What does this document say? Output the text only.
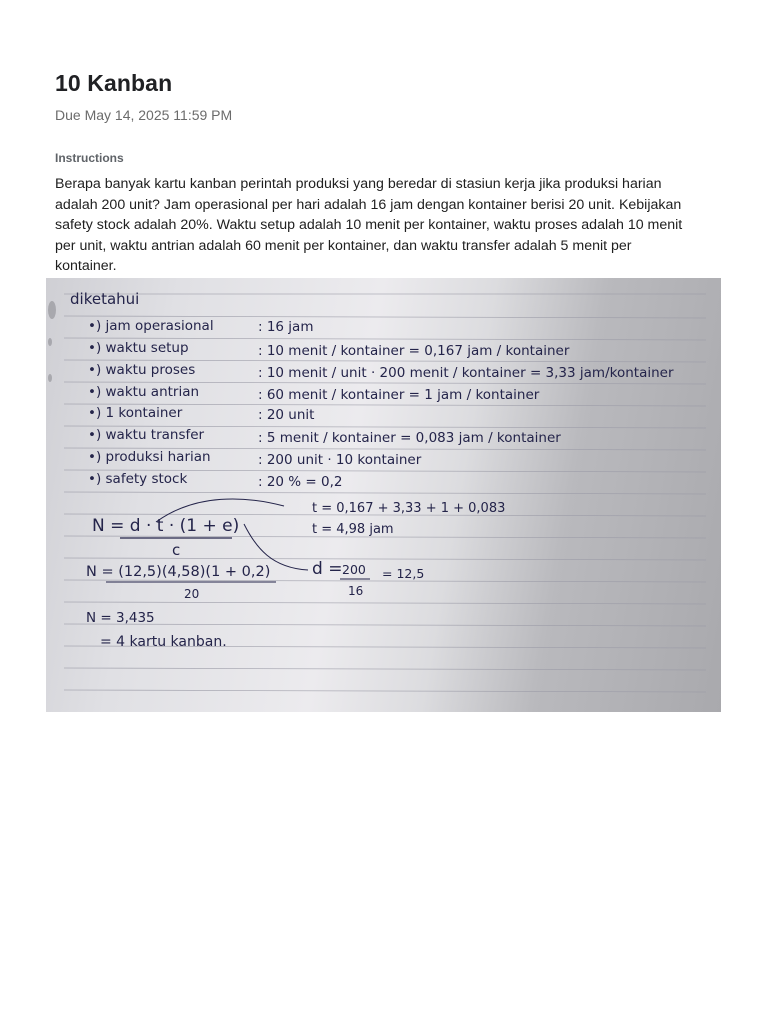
10 Kanban
Due May 14, 2025 11:59 PM
Instructions
Berapa banyak kartu kanban perintah produksi yang beredar di stasiun kerja jika produksi harian
adalah 200 unit? Jam operasional per hari adalah 16 jam dengan kontainer berisi 20 unit. Kebijakan
safety stock adalah 20%. Waktu setup adalah 10 menit per kontainer, waktu proses adalah 10 menit
per unit, waktu antrian adalah 60 menit per kontainer, dan waktu transfer adalah 5 menit per
kontainer.
diketahui
•) jam operasional	: 16 jam
•) waktu setup	: 10 menit / kontainer = 0,167 jam / kontainer
•) waktu proses	: 10 menit / unit · 200 menit / kontainer = 3,33 jam/kontainer
•) waktu antrian	: 60 menit / kontainer = 1 jam / kontainer
•) 1 kontainer	: 20 unit
•) waktu transfer	: 5 menit / kontainer = 0,083 jam / kontainer
•) produksi harian	: 200 unit · 10 kontainer
•) safety stock	: 20 % = 0,2
t = 0,167 + 3,33 + 1 + 0,083
t = 4,98 jam
N = d · t · (1 + e)
c
N = (12,5)(4,58)(1 + 0,2)
20
d = 200
16
= 12,5
N = 3,435
= 4 kartu kanban.
